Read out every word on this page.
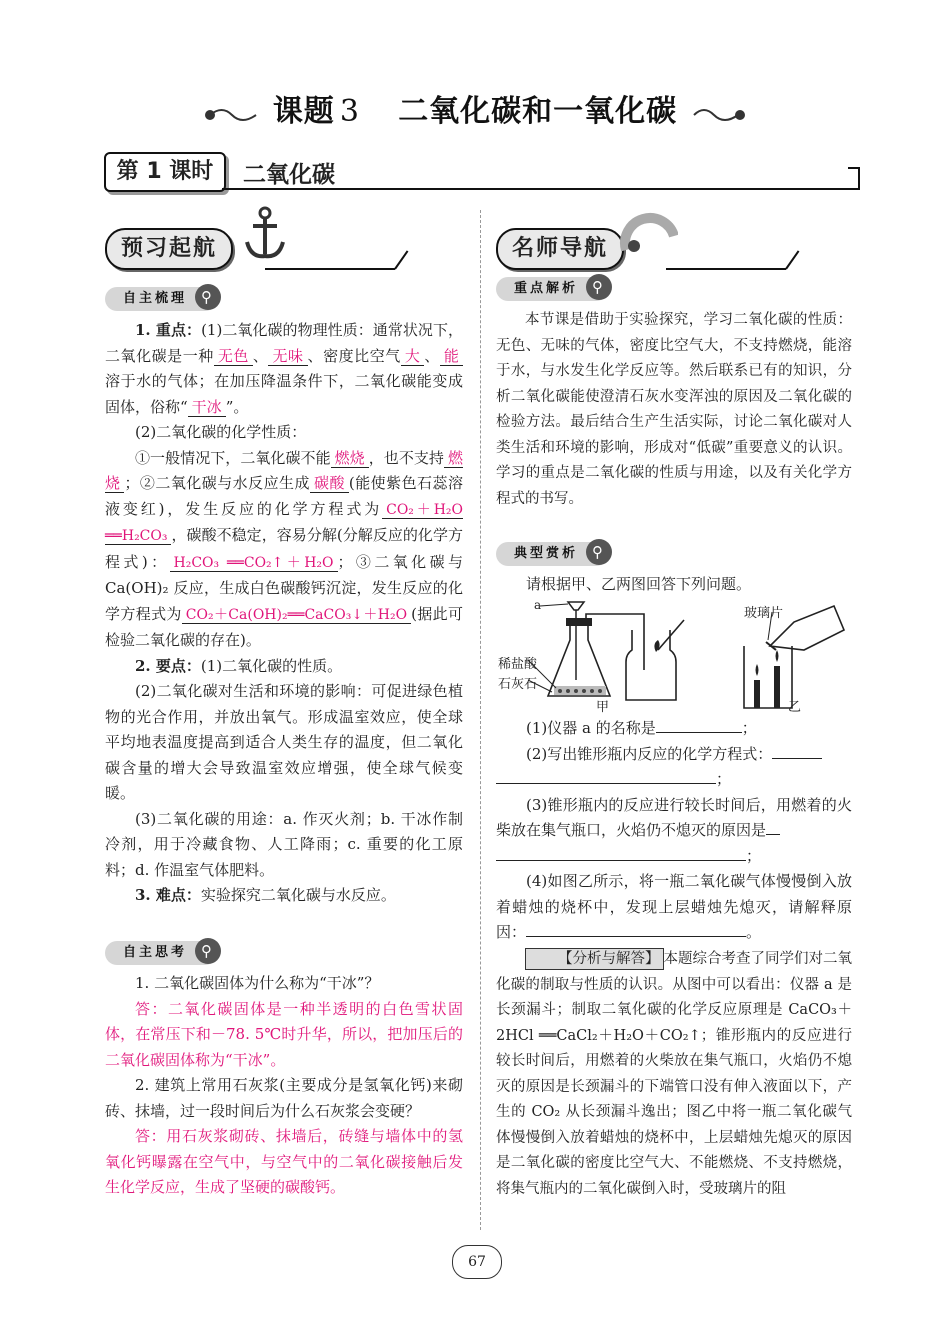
课题 3 二氧化碳和一氧化碳
第 1 课时	二氧化碳
预习起航
自主梳理 ⚲

1. 重点：(1)二氧化碳的物理性质：通常状况下，二氧化碳是一种 无色 、 无味 、密度比空气 大 、 能溶于水的气体；在加压降温条件下，二氧化碳能变成固体，俗称“ 干冰 ”。

(2)二氧化碳的化学性质：

①一般情况下，二氧化碳不能 燃烧 ，也不支持 燃烧 ；②二氧化碳与水反应生成 碳酸 (能使紫色石蕊溶液变红)，发生反应的化学方程式为 CO₂＋H₂O ══H₂CO₃ ，碳酸不稳定，容易分解(分解反应的化学方程式)： H₂CO₃ ══CO₂↑＋H₂O ；③二氧化碳与 Ca(OH)₂ 反应，生成白色碳酸钙沉淀，发生反应的化学方程式为 CO₂＋Ca(OH)₂══CaCO₃↓＋H₂O (据此可检验二氧化碳的存在)。

2. 要点：(1)二氧化碳的性质。

(2)二氧化碳对生活和环境的影响：可促进绿色植物的光合作用，并放出氧气。形成温室效应，使全球平均地表温度提高到适合人类生存的温度，但二氧化碳含量的增大会导致温室效应增强，使全球气候变暖。

(3)二氧化碳的用途：a. 作灭火剂；b. 干冰作制冷剂，用于冷藏食物、人工降雨；c. 重要的化工原料；d. 作温室气体肥料。

3. 难点：实验探究二氧化碳与水反应。

自主思考 ⚲

1. 二氧化碳固体为什么称为“干冰”？

答：二氧化碳固体是一种半透明的白色雪状固体，在常压下和－78. 5℃时升华，所以，把加压后的二氧化碳固体称为“干冰”。

2. 建筑上常用石灰浆(主要成分是氢氧化钙)来砌砖、抹墙，过一段时间后为什么石灰浆会变硬？

答：用石灰浆砌砖、抹墙后，砖缝与墙体中的氢氧化钙曝露在空气中，与空气中的二氧化碳接触后发生化学反应，生成了坚硬的碳酸钙。

名师导航
重点解析 ⚲

本节课是借助于实验探究，学习二氧化碳的性质：无色、无味的气体，密度比空气大，不支持燃烧，能溶于水，与水发生化学反应等。然后联系已有的知识，分析二氧化碳能使澄清石灰水变浑浊的原因及二氧化碳的检验方法。最后结合生产生活实际，讨论二氧化碳对人类生活和环境的影响，形成对“低碳”重要意义的认识。学习的重点是二氧化碳的性质与用途，以及有关化学方程式的书写。

典型赏析 ⚲

请根据甲、乙两图回答下列问题。

a
稀盐酸
石灰石
甲
玻璃片
乙

(1)仪器 a 的名称是	；

(2)写出锥形瓶内反应的化学方程式：

；

(3)锥形瓶内的反应进行较长时间后，用燃着的火柴放在集气瓶口，火焰仍不熄灭的原因是

；

(4)如图乙所示，将一瓶二氧化碳气体慢慢倒入放着蜡烛的烧杯中，发现上层蜡烛先熄灭，请解释原因：	。

【分析与解答】 本题综合考查了同学们对二氧化碳的制取与性质的认识。从图中可以看出：仪器 a 是长颈漏斗；制取二氧化碳的化学反应原理是 CaCO₃＋2HCl ══CaCl₂＋H₂O＋CO₂↑；锥形瓶内的反应进行较长时间后，用燃着的火柴放在集气瓶口，火焰仍不熄灭的原因是长颈漏斗的下端管口没有伸入液面以下，产生的 CO₂ 从长颈漏斗逸出；图乙中将一瓶二氧化碳气体慢慢倒入放着蜡烛的烧杯中，上层蜡烛先熄灭的原因是二氧化碳的密度比空气大、不能燃烧、不支持燃烧，将集气瓶内的二氧化碳倒入时，受玻璃片的阻

67
